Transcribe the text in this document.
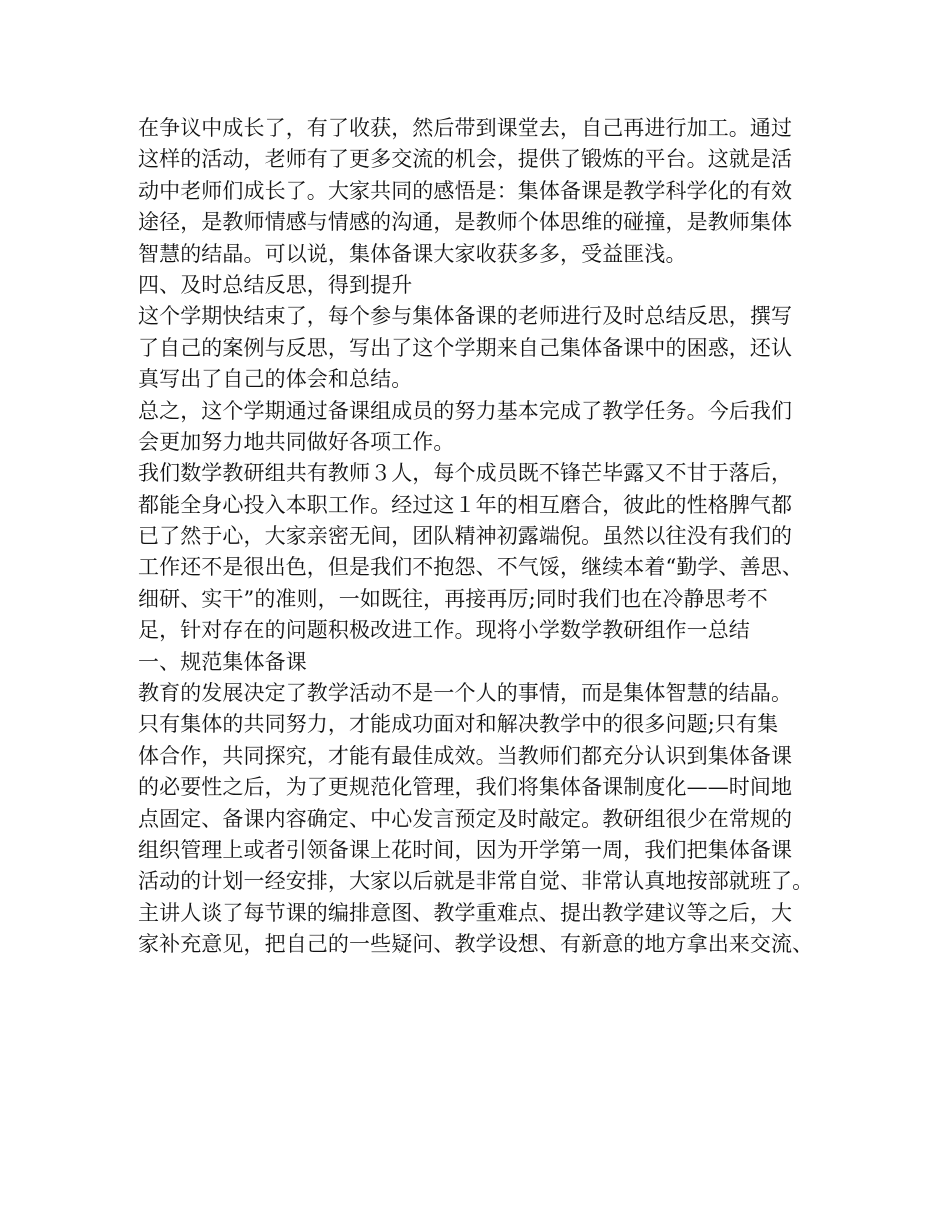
在争议中成长了，有了收获，然后带到课堂去，自己再进行加工。通过
这样的活动，老师有了更多交流的机会，提供了锻炼的平台。这就是活
动中老师们成长了。大家共同的感悟是：集体备课是教学科学化的有效
途径，是教师情感与情感的沟通，是教师个体思维的碰撞，是教师集体
智慧的结晶。可以说，集体备课大家收获多多，受益匪浅。
四、及时总结反思，得到提升
这个学期快结束了，每个参与集体备课的老师进行及时总结反思，撰写
了自己的案例与反思，写出了这个学期来自己集体备课中的困惑，还认
真写出了自己的体会和总结。
总之，这个学期通过备课组成员的努力基本完成了教学任务。今后我们
会更加努力地共同做好各项工作。
我们数学教研组共有教师３人，每个成员既不锋芒毕露又不甘于落后，
都能全身心投入本职工作。经过这１年的相互磨合，彼此的性格脾气都
已了然于心，大家亲密无间，团队精神初露端倪。虽然以往没有我们的
工作还不是很出色，但是我们不抱怨、不气馁，继续本着“勤学、善思、
细研、实干”的准则，一如既往，再接再厉;同时我们也在冷静思考不
足，针对存在的问题积极改进工作。现将小学数学教研组作一总结
一、规范集体备课
教育的发展决定了教学活动不是一个人的事情，而是集体智慧的结晶。
只有集体的共同努力，才能成功面对和解决教学中的很多问题;只有集
体合作，共同探究，才能有最佳成效。当教师们都充分认识到集体备课
的必要性之后，为了更规范化管理，我们将集体备课制度化——时间地
点固定、备课内容确定、中心发言预定及时敲定。教研组很少在常规的
组织管理上或者引领备课上花时间，因为开学第一周，我们把集体备课
活动的计划一经安排，大家以后就是非常自觉、非常认真地按部就班了。
主讲人谈了每节课的编排意图、教学重难点、提出教学建议等之后，大
家补充意见，把自己的一些疑问、教学设想、有新意的地方拿出来交流、
